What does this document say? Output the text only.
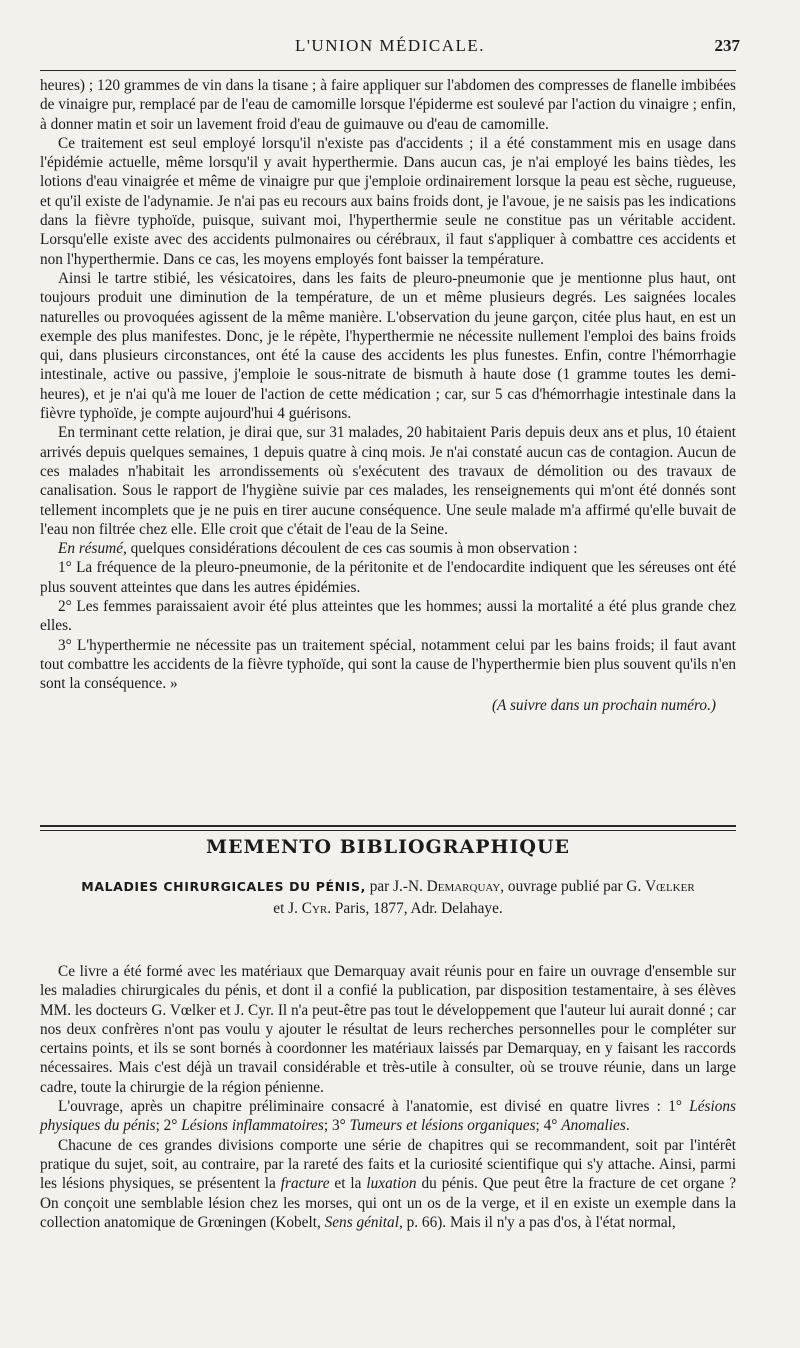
L'UNION MÉDICALE.	237

heures) ; 120 grammes de vin dans la tisane ; à faire appliquer sur l'abdomen des compresses de flanelle imbibées de vinaigre pur, remplacé par de l'eau de camomille lorsque l'épiderme est soulevé par l'action du vinaigre ; enfin, à donner matin et soir un lavement froid d'eau de guimauve ou d'eau de camomille.

Ce traitement est seul employé lorsqu'il n'existe pas d'accidents ; il a été constamment mis en usage dans l'épidémie actuelle, même lorsqu'il y avait hyperthermie. Dans aucun cas, je n'ai employé les bains tièdes, les lotions d'eau vinaigrée et même de vinaigre pur que j'emploie ordinairement lorsque la peau est sèche, rugueuse, et qu'il existe de l'adynamie. Je n'ai pas eu recours aux bains froids dont, je l'avoue, je ne saisis pas les indications dans la fièvre typhoïde, puisque, suivant moi, l'hyperthermie seule ne constitue pas un véritable accident. Lorsqu'elle existe avec des accidents pulmonaires ou cérébraux, il faut s'appliquer à combattre ces accidents et non l'hyperthermie. Dans ce cas, les moyens employés font baisser la température.

Ainsi le tartre stibié, les vésicatoires, dans les faits de pleuro-pneumonie que je mentionne plus haut, ont toujours produit une diminution de la température, de un et même plusieurs degrés. Les saignées locales naturelles ou provoquées agissent de la même manière. L'observation du jeune garçon, citée plus haut, en est un exemple des plus manifestes. Donc, je le répète, l'hyperthermie ne nécessite nullement l'emploi des bains froids qui, dans plusieurs circonstances, ont été la cause des accidents les plus funestes. Enfin, contre l'hémorrhagie intestinale, active ou passive, j'emploie le sous-nitrate de bismuth à haute dose (1 gramme toutes les demi-heures), et je n'ai qu'à me louer de l'action de cette médication ; car, sur 5 cas d'hémorrhagie intestinale dans la fièvre typhoïde, je compte aujourd'hui 4 guérisons.

En terminant cette relation, je dirai que, sur 31 malades, 20 habitaient Paris depuis deux ans et plus, 10 étaient arrivés depuis quelques semaines, 1 depuis quatre à cinq mois. Je n'ai constaté aucun cas de contagion. Aucun de ces malades n'habitait les arrondissements où s'exécutent des travaux de démolition ou des travaux de canalisation. Sous le rapport de l'hygiène suivie par ces malades, les renseignements qui m'ont été donnés sont tellement incomplets que je ne puis en tirer aucune conséquence. Une seule malade m'a affirmé qu'elle buvait de l'eau non filtrée chez elle. Elle croit que c'était de l'eau de la Seine.

En résumé, quelques considérations découlent de ces cas soumis à mon observation :

1° La fréquence de la pleuro-pneumonie, de la péritonite et de l'endocardite indiquent que les séreuses ont été plus souvent atteintes que dans les autres épidémies.

2° Les femmes paraissaient avoir été plus atteintes que les hommes; aussi la mortalité a été plus grande chez elles.

3° L'hyperthermie ne nécessite pas un traitement spécial, notamment celui par les bains froids; il faut avant tout combattre les accidents de la fièvre typhoïde, qui sont la cause de l'hyperthermie bien plus souvent qu'ils n'en sont la conséquence. »

(A suivre dans un prochain numéro.)

MEMENTO BIBLIOGRAPHIQUE
MALADIES CHIRURGICALES DU PÉNIS, par J.-N. Demarquay, ouvrage publié par G. Vœlker
et J. Cyr. Paris, 1877, Adr. Delahaye.

Ce livre a été formé avec les matériaux que Demarquay avait réunis pour en faire un ouvrage d'ensemble sur les maladies chirurgicales du pénis, et dont il a confié la publication, par disposition testamentaire, à ses élèves MM. les docteurs G. Vœlker et J. Cyr. Il n'a peut-être pas tout le développement que l'auteur lui aurait donné ; car nos deux confrères n'ont pas voulu y ajouter le résultat de leurs recherches personnelles pour le compléter sur certains points, et ils se sont bornés à coordonner les matériaux laissés par Demarquay, en y faisant les raccords nécessaires. Mais c'est déjà un travail considérable et très-utile à consulter, où se trouve réunie, dans un large cadre, toute la chirurgie de la région pénienne.

L'ouvrage, après un chapitre préliminaire consacré à l'anatomie, est divisé en quatre livres : 1° Lésions physiques du pénis; 2° Lésions inflammatoires; 3° Tumeurs et lésions organiques; 4° Anomalies.

Chacune de ces grandes divisions comporte une série de chapitres qui se recommandent, soit par l'intérêt pratique du sujet, soit, au contraire, par la rareté des faits et la curiosité scientifique qui s'y attache. Ainsi, parmi les lésions physiques, se présentent la fracture et la luxation du pénis. Que peut être la fracture de cet organe ? On conçoit une semblable lésion chez les morses, qui ont un os de la verge, et il en existe un exemple dans la collection anatomique de Grœningen (Kobelt, Sens génital, p. 66). Mais il n'y a pas d'os, à l'état normal,
